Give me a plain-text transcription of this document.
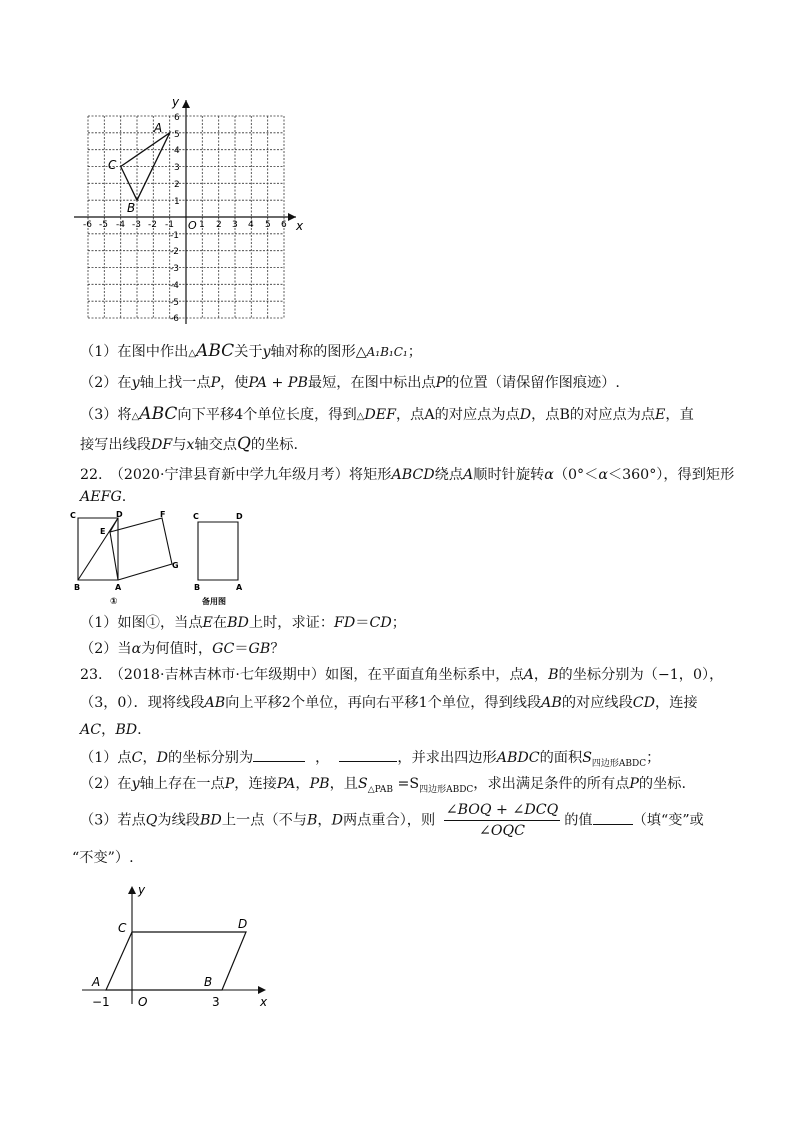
x
y
O
-6 -5 -4 -3 -2 -1	1 2 3 4 5 6
1
2
3
4
5
6
-1
-2
-3
-4
-5
-6
A
B
C
（1）在图中作出△ABC关于y轴对称的图形△A₁B₁C₁；
（2）在y轴上找一点P，使PA + PB最短，在图中标出点P的位置（请保留作图痕迹）.
（3）将△ABC向下平移4个单位长度，得到△DEF，点A的对应点为点D，点B的对应点为点E，直
接写出线段DF与x轴交点Q的坐标.
22.　（2020·宁津县育新中学九年级月考）将矩形ABCD绕点A顺时针旋转α（0°＜α＜360°），得到矩形
AEFG.
C	D	F
E
B	A
G
①
C	D
B	A
备用图
（1）如图①，当点E在BD上时，求证：FD＝CD；
（2）当α为何值时，GC＝GB？
23.　（2018·吉林吉林市·七年级期中）如图，在平面直角坐标系中，点A，B的坐标分别为（−1，0），
（3，0）．现将线段AB向上平移2个单位，再向右平移1个单位，得到线段AB的对应线段CD，连接
AC，BD.
（1）点C，D的坐标分别为	，	，并求出四边形ABDC的面积$S_{四边形ABDC}$；
（2）在y轴上存在一点P，连接PA，PB，且$S_{\triangle PAB} =S_{四边形ABDC}$，求出满足条件的所有点P的坐标.
（3）若点Q为线段BD上一点（不与B，D两点重合），则 $\frac{\text{∠BOQ + ∠DCQ}}{\text{∠OQC}}$ 的值	（填“变”或
“不变”）.
y
C	D
A	B
O	x
−1	3
